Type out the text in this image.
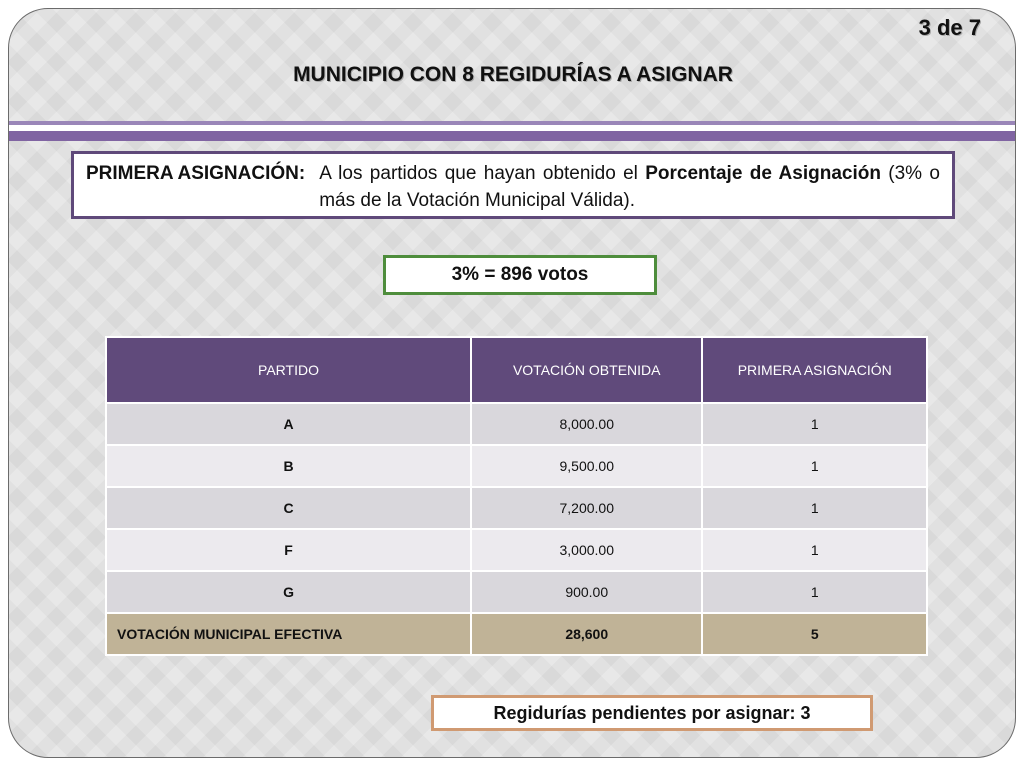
3 de 7
MUNICIPIO CON 8 REGIDURÍAS A ASIGNAR
PRIMERA ASIGNACIÓN: A los partidos que hayan obtenido el Porcentaje de Asignación (3% o más de la Votación Municipal Válida).
3% = 896 votos
PARTIDO	VOTACIÓN OBTENIDA	PRIMERA ASIGNACIÓN
A	8,000.00	1
B	9,500.00	1
C	7,200.00	1
F	3,000.00	1
G	900.00	1
VOTACIÓN MUNICIPAL EFECTIVA	28,600	5
Regidurías pendientes por asignar: 3
